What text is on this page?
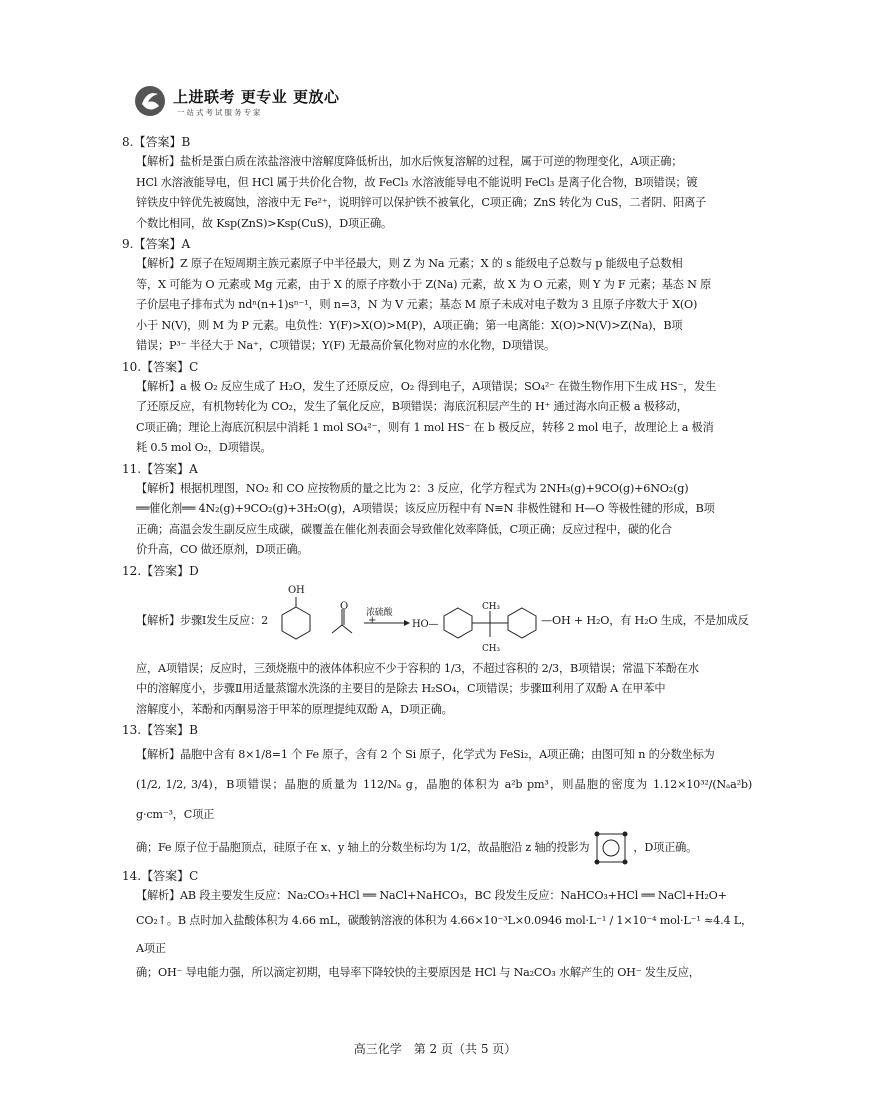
上进联考 更专业 更放心
一站式考试服务专家
8.【答案】B
【解析】盐析是蛋白质在浓盐溶液中溶解度降低析出，加水后恢复溶解的过程，属于可逆的物理变化，A项正确；
HCl 水溶液能导电，但 HCl 属于共价化合物，故 FeCl₃ 水溶液能导电不能说明 FeCl₃ 是离子化合物，B项错误；镀
锌铁皮中锌优先被腐蚀，溶液中无 Fe²⁺，说明锌可以保护铁不被氧化，C项正确；ZnS 转化为 CuS，二者阴、阳离子
个数比相同，故 Ksp(ZnS)>Ksp(CuS)，D项正确。
9.【答案】A
【解析】Z 原子在短周期主族元素原子中半径最大，则 Z 为 Na 元素；X 的 s 能级电子总数与 p 能级电子总数相
等，X 可能为 O 元素或 Mg 元素，由于 X 的原子序数小于 Z(Na) 元素，故 X 为 O 元素，则 Y 为 F 元素；基态 N 原
子价层电子排布式为 ndⁿ(n+1)sⁿ⁻¹，则 n=3，N 为 V 元素；基态 M 原子未成对电子数为 3 且原子序数大于 X(O)
小于 N(V)，则 M 为 P 元素。电负性：Y(F)>X(O)>M(P)，A项正确；第一电离能：X(O)>N(V)>Z(Na)，B项
错误；P³⁻ 半径大于 Na⁺，C项错误；Y(F) 无最高价氧化物对应的水化物，D项错误。
10.【答案】C
【解析】a 极 O₂ 反应生成了 H₂O，发生了还原反应，O₂ 得到电子，A项错误；SO₄²⁻ 在微生物作用下生成 HS⁻，发生
了还原反应，有机物转化为 CO₂，发生了氧化反应，B项错误；海底沉积层产生的 H⁺ 通过海水向正极 a 极移动，
C项正确；理论上海底沉积层中消耗 1 mol SO₄²⁻，则有 1 mol HS⁻ 在 b 极反应，转移 2 mol 电子，故理论上 a 极消
耗 0.5 mol O₂，D项错误。
11.【答案】A
【解析】根据机理图，NO₂ 和 CO 应按物质的量之比为 2：3 反应，化学方程式为 2NH₃(g)+9CO(g)+6NO₂(g)
══催化剂══ 4N₂(g)+9CO₂(g)+3H₂O(g)，A项错误；该反应历程中有 N≡N 非极性键和 H—O 等极性键的形成，B项
正确；高温会发生副反应生成碳，碳覆盖在催化剂表面会导致催化效率降低，C项正确；反应过程中，碳的化合
价升高，CO 做还原剂，D项正确。
12.【答案】D
【解析】步骤Ⅰ发生反应：2
OH
O
+
浓硫酸
HO—
CH₃
CH₃
—OH + H₂O，有 H₂O 生成，不是加成反
应，A项错误；反应时，三颈烧瓶中的液体体积应不少于容积的 1/3，不超过容积的 2/3，B项错误；常温下苯酚在水
中的溶解度小，步骤Ⅱ用适量蒸馏水洗涤的主要目的是除去 H₂SO₄，C项错误；步骤Ⅲ利用了双酚 A 在甲苯中
溶解度小，苯酚和丙酮易溶于甲苯的原理提纯双酚 A，D项正确。
13.【答案】B
【解析】晶胞中含有 8×1/8=1 个 Fe 原子，含有 2 个 Si 原子，化学式为 FeSi₂，A项正确；由图可知 n 的分数坐标为
(1/2, 1/2, 3/4)，B项错误；晶胞的质量为 112/Nₐ g，晶胞的体积为 a²b pm³，则晶胞的密度为 1.12×10³²/(Nₐa²b) g·cm⁻³，C项正
确；Fe 原子位于晶胞顶点，硅原子在 x、y 轴上的分数坐标均为 1/2，故晶胞沿 z 轴的投影为	，D项正确。
14.【答案】C
【解析】AB 段主要发生反应：Na₂CO₃+HCl ══ NaCl+NaHCO₃，BC 段发生反应：NaHCO₃+HCl ══ NaCl+H₂O+
CO₂↑。B 点时加入盐酸体积为 4.66 mL，碳酸钠溶液的体积为 4.66×10⁻³L×0.0946 mol·L⁻¹ / 1×10⁻⁴ mol·L⁻¹ ≈4.4 L，A项正
确；OH⁻ 导电能力强，所以滴定初期，电导率下降较快的主要原因是 HCl 与 Na₂CO₃ 水解产生的 OH⁻ 发生反应，
高三化学　第 2 页（共 5 页）
